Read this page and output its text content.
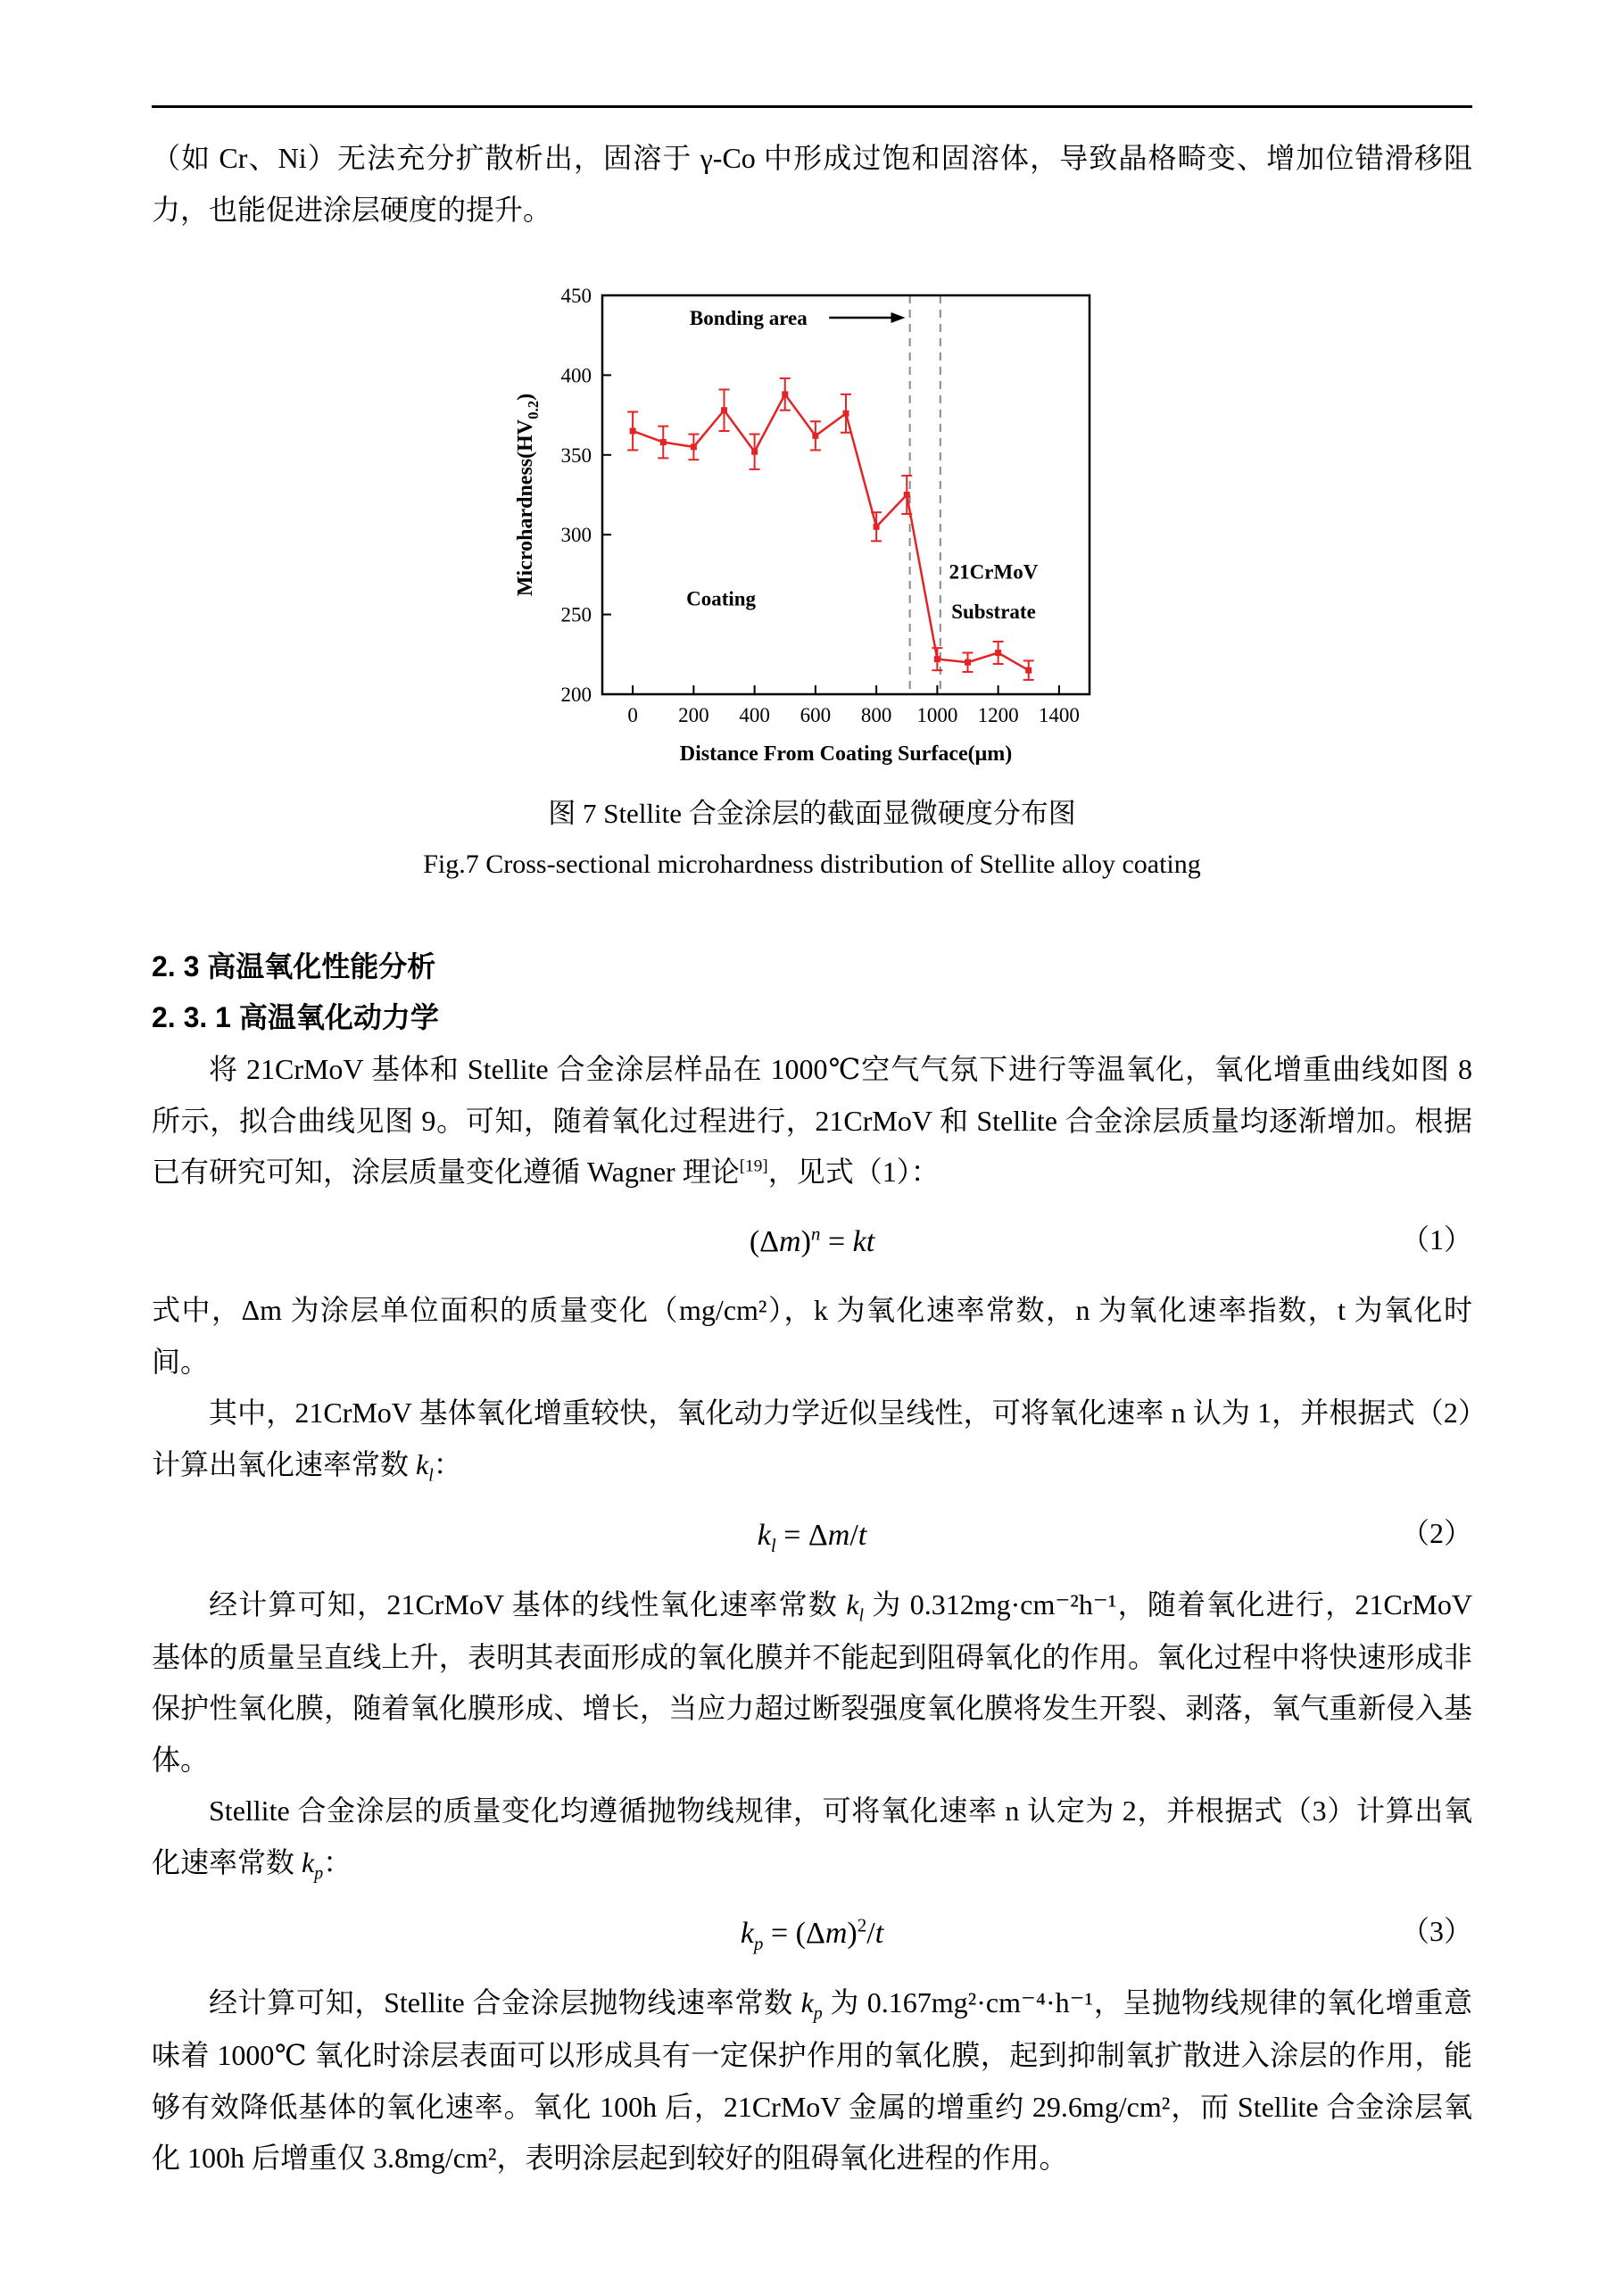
（如 Cr、Ni）无法充分扩散析出，固溶于 γ-Co 中形成过饱和固溶体，导致晶格畸变、增加位错滑移阻力，也能促进涂层硬度的提升。

200
250
300
350
400
450
0 200 400 600 800 1000 1200 1400
Distance From Coating Surface(μm)
$Microhardness(HV_{0.2})$
Bonding area
Coating
21CrMoV
Substrate
图 7 Stellite 合金涂层的截面显微硬度分布图
Fig.7 Cross-sectional microhardness distribution of Stellite alloy coating
2. 3 高温氧化性能分析
2. 3. 1 高温氧化动力学

将 21CrMoV 基体和 Stellite 合金涂层样品在 1000℃空气气氛下进行等温氧化，氧化增重曲线如图 8 所示，拟合曲线见图 9。可知，随着氧化过程进行，21CrMoV 和 Stellite 合金涂层质量均逐渐增加。根据已有研究可知，涂层质量变化遵循 Wagner 理论[19]，见式（1）：

$(\Delta m)^n$ = kt	（1）

式中，Δm 为涂层单位面积的质量变化（mg/cm²），k 为氧化速率常数，n 为氧化速率指数，t 为氧化时间。

其中，21CrMoV 基体氧化增重较快，氧化动力学近似呈线性，可将氧化速率 n 认为 1，并根据式（2）计算出氧化速率常数 $k_l$：

$k_l = \Delta m/t$	（2）

经计算可知，21CrMoV 基体的线性氧化速率常数 $k_l$ 为 0.312mg·cm⁻²h⁻¹，随着氧化进行，21CrMoV 基体的质量呈直线上升，表明其表面形成的氧化膜并不能起到阻碍氧化的作用。氧化过程中将快速形成非保护性氧化膜，随着氧化膜形成、增长，当应力超过断裂强度氧化膜将发生开裂、剥落，氧气重新侵入基体。

Stellite 合金涂层的质量变化均遵循抛物线规律，可将氧化速率 n 认定为 2，并根据式（3）计算出氧化速率常数 $k_p$：

$k_p = (\Delta m)^2/t$	（3）

经计算可知，Stellite 合金涂层抛物线速率常数 $k_p$ 为 0.167mg²·cm⁻⁴·h⁻¹，呈抛物线规律的氧化增重意味着 1000℃ 氧化时涂层表面可以形成具有一定保护作用的氧化膜，起到抑制氧扩散进入涂层的作用，能够有效降低基体的氧化速率。氧化 100h 后，21CrMoV 金属的增重约 29.6mg/cm²，而 Stellite 合金涂层氧化 100h 后增重仅 3.8mg/cm²，表明涂层起到较好的阻碍氧化进程的作用。
